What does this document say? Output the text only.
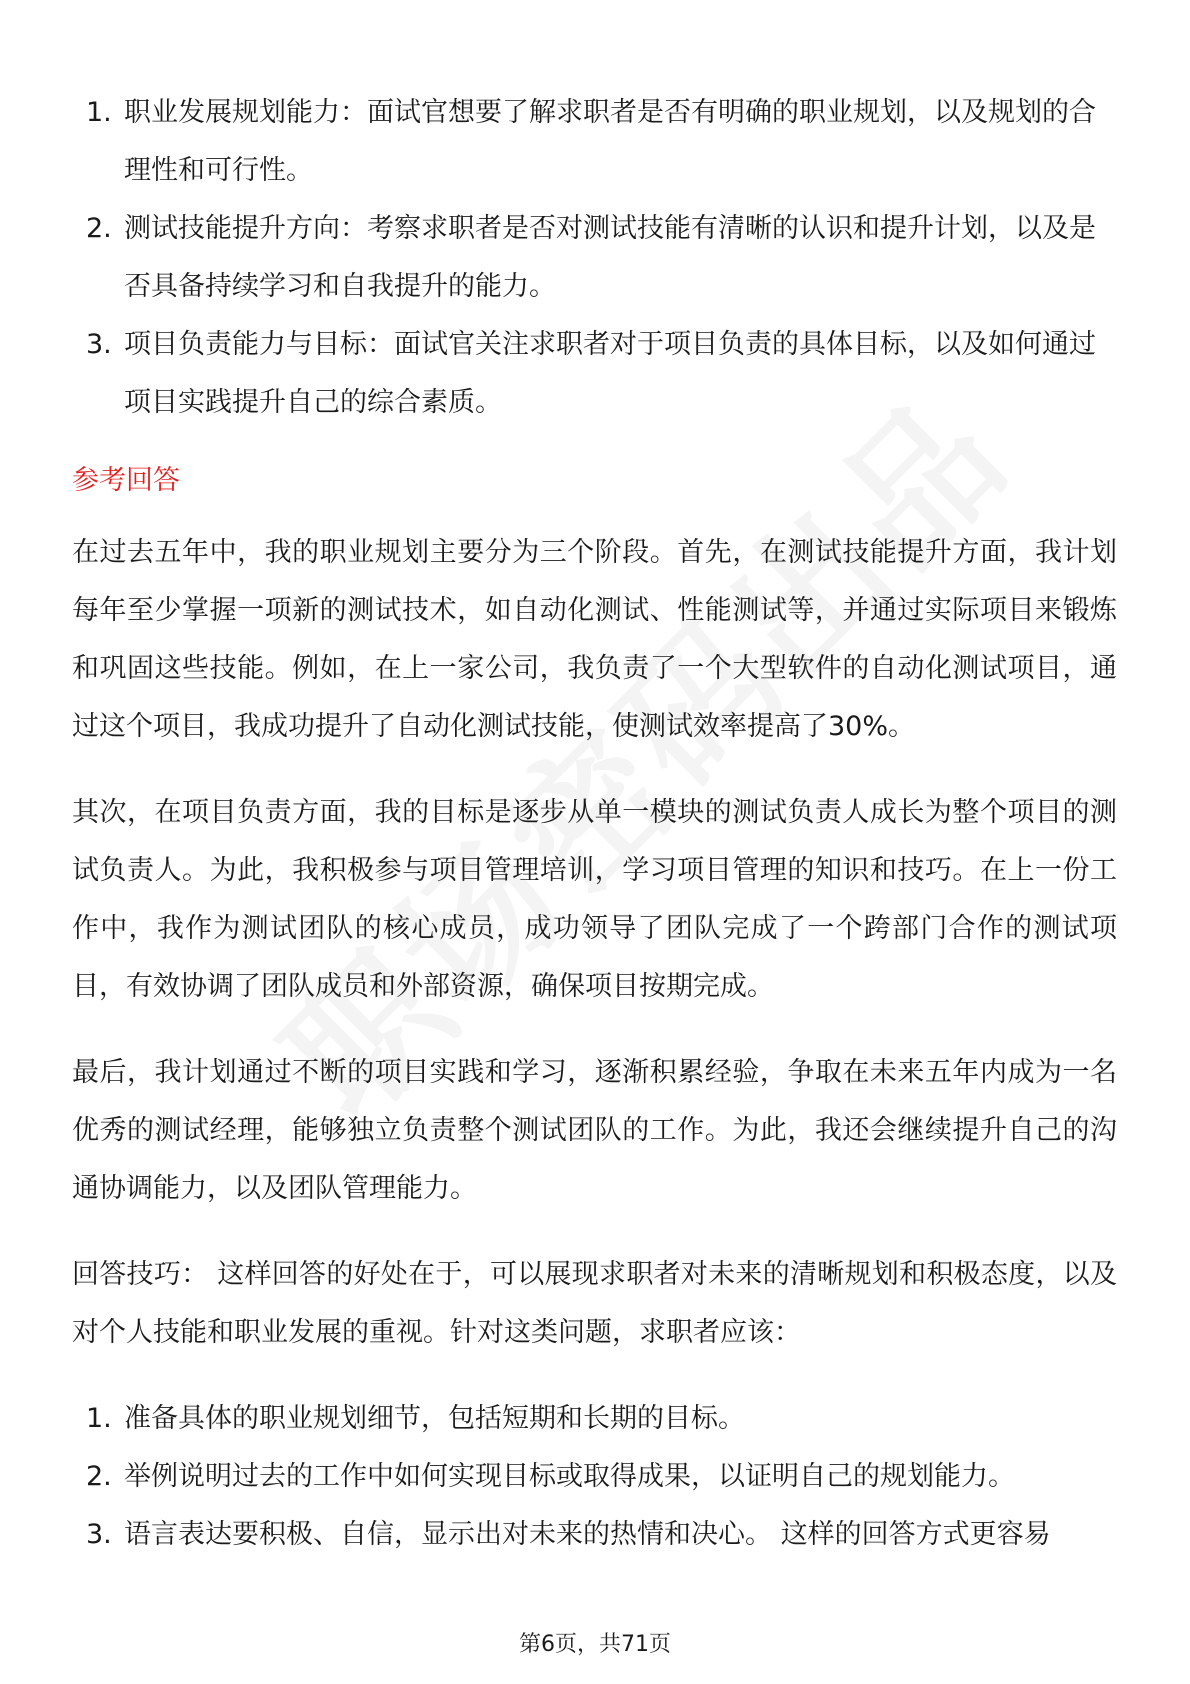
1. 职业发展规划能力：面试官想要了解求职者是否有明确的职业规划，以及规划的合理性和可行性。
2. 测试技能提升方向：考察求职者是否对测试技能有清晰的认识和提升计划，以及是否具备持续学习和自我提升的能力。
3. 项目负责能力与目标：面试官关注求职者对于项目负责的具体目标，以及如何通过项目实践提升自己的综合素质。
参考回答

在过去五年中，我的职业规划主要分为三个阶段。首先，在测试技能提升方面，我计划每年至少掌握一项新的测试技术，如自动化测试、性能测试等，并通过实际项目来锻炼和巩固这些技能。例如，在上一家公司，我负责了一个大型软件的自动化测试项目，通过这个项目，我成功提升了自动化测试技能，使测试效率提高了30%。

其次，在项目负责方面，我的目标是逐步从单一模块的测试负责人成长为整个项目的测试负责人。为此，我积极参与项目管理培训，学习项目管理的知识和技巧。在上一份工作中，我作为测试团队的核心成员，成功领导了团队完成了一个跨部门合作的测试项目，有效协调了团队成员和外部资源，确保项目按期完成。

最后，我计划通过不断的项目实践和学习，逐渐积累经验，争取在未来五年内成为一名优秀的测试经理，能够独立负责整个测试团队的工作。为此，我还会继续提升自己的沟通协调能力，以及团队管理能力。

回答技巧： 这样回答的好处在于，可以展现求职者对未来的清晰规划和积极态度，以及对个人技能和职业发展的重视。针对这类问题，求职者应该：

1. 准备具体的职业规划细节，包括短期和长期的目标。
2. 举例说明过去的工作中如何实现目标或取得成果，以证明自己的规划能力。
3. 语言表达要积极、自信，显示出对未来的热情和决心。 这样的回答方式更容易
第6页，共71页
